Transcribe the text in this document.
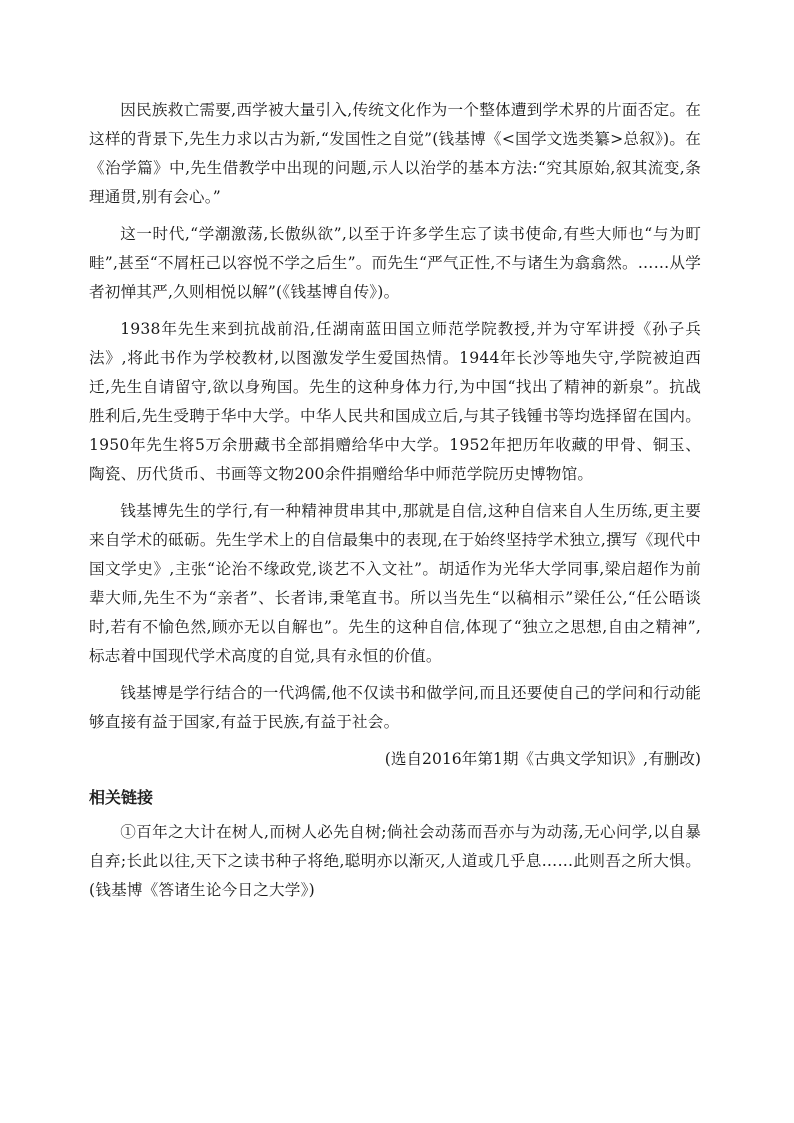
因民族救亡需要,西学被大量引入,传统文化作为一个整体遭到学术界的片面否定。在这样的背景下,先生力求以古为新,“发国性之自觉”(钱基博《<国学文选类纂>总叙》)。在《治学篇》中,先生借教学中出现的问题,示人以治学的基本方法:“究其原始,叙其流变,条理通贯,别有会心。”

这一时代,“学潮激荡,长傲纵欲”,以至于许多学生忘了读书使命,有些大师也“与为町畦”,甚至“不屑枉己以容悦不学之后生”。而先生“严气正性,不与诸生为翕翕然。……从学者初惮其严,久则相悦以解”(《钱基博自传》)。

1938年先生来到抗战前沿,任湖南蓝田国立师范学院教授,并为守军讲授《孙子兵法》,将此书作为学校教材,以图激发学生爱国热情。1944年长沙等地失守,学院被迫西迁,先生自请留守,欲以身殉国。先生的这种身体力行,为中国“找出了精神的新泉”。抗战胜利后,先生受聘于华中大学。中华人民共和国成立后,与其子钱锺书等均选择留在国内。1950年先生将5万余册藏书全部捐赠给华中大学。1952年把历年收藏的甲骨、铜玉、陶瓷、历代货币、书画等文物200余件捐赠给华中师范学院历史博物馆。

钱基博先生的学行,有一种精神贯串其中,那就是自信,这种自信来自人生历练,更主要来自学术的砥砺。先生学术上的自信最集中的表现,在于始终坚持学术独立,撰写《现代中国文学史》,主张“论治不缘政党,谈艺不入文社”。胡适作为光华大学同事,梁启超作为前辈大师,先生不为“亲者”、长者讳,秉笔直书。所以当先生“以稿相示”梁任公,“任公晤谈时,若有不愉色然,顾亦无以自解也”。先生的这种自信,体现了“独立之思想,自由之精神”,标志着中国现代学术高度的自觉,具有永恒的价值。

钱基博是学行结合的一代鸿儒,他不仅读书和做学问,而且还要使自己的学问和行动能够直接有益于国家,有益于民族,有益于社会。

(选自2016年第1期《古典文学知识》,有删改)

相关链接

①百年之大计在树人,而树人必先自树;倘社会动荡而吾亦与为动荡,无心问学,以自暴自弃;长此以往,天下之读书种子将绝,聪明亦以渐灭,人道或几乎息……此则吾之所大惧。(钱基博《答诸生论今日之大学》)
